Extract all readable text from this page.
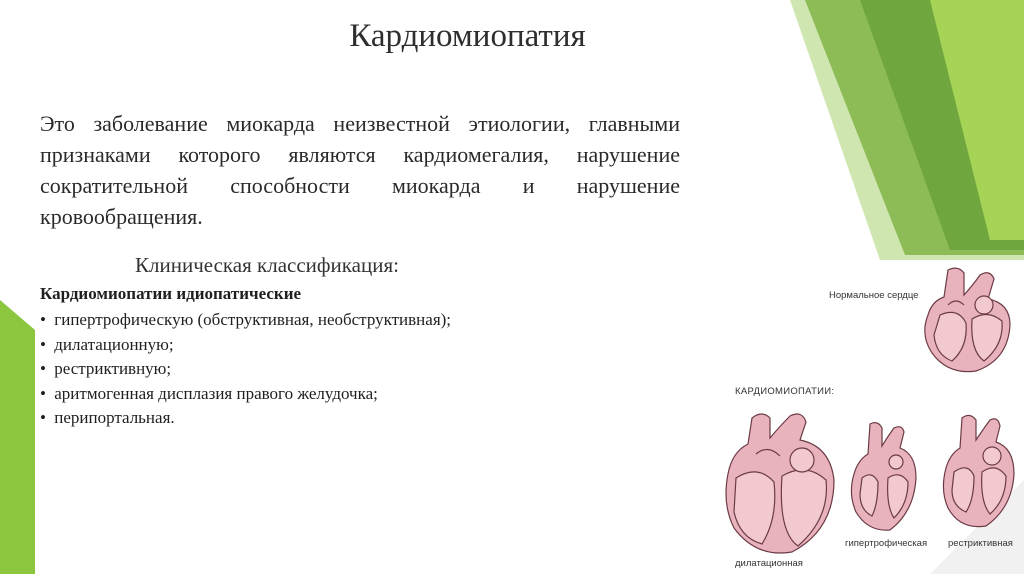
Кардиомиопатия
Это заболевание миокарда неизвестной этиологии, главными признаками которого являются кардиомегалия, нарушение сократительной способности миокарда и нарушение кровообращения.
Клиническая классификация:
Кардиомиопатии идиопатические
• гипертрофическую (обструктивная, необструктивная);
• дилатационную;
• рестриктивную;
• аритмогенная дисплазия правого желудочка;
• перипортальная.
Нормальное сердце
КАРДИОМИОПАТИИ:
дилатационная
гипертрофическая рестриктивная
